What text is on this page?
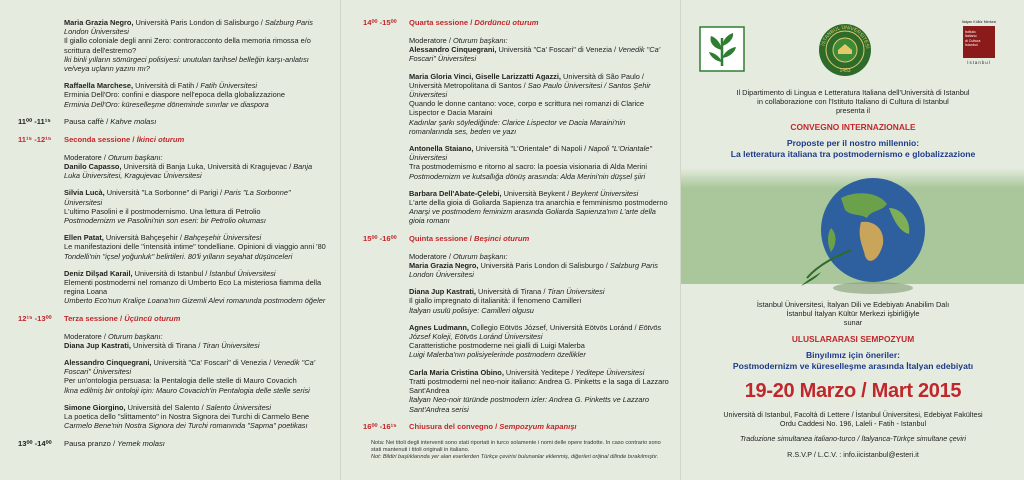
Maria Grazia Negro, Università Paris London di Salisburgo / Salzburg Paris London Üniversitesi
Il giallo coloniale degli anni Zero: controracconto della memoria rimossa e/o scrittura dell'estremo?
İki binli yılların sömürgeci polisiyesi: unutulan tarihsel belleğin karşı-anlatısı ve/veya uçların yazını mı?
Raffaella Marchese, Università di Fatih / Fatih Üniversitesi
Erminia Dell'Oro: confini e diaspore nell'epoca della globalizzazione
Erminia Dell'Oro: küreselleşme döneminde sınırlar ve diaspora
11⁰⁰ -11¹⁵	Pausa caffè / Kahve molası
11¹⁵ -12¹⁵	Seconda sessione / İkinci oturum
Moderatore / Oturum başkanı:
Danilo Capasso, Università di Banja Luka, Università di Kragujevac / Banja Luka Üniversitesi, Kragujevac Üniversitesi
Silvia Lucà, Università "La Sorbonne" di Parigi / Paris "La Sorbonne" Üniversitesi
L'ultimo Pasolini e il postmodernismo. Una lettura di Petrolio
Postmodernizm ve Pasolini'nin son eseri: bir Petrolio okuması
Ellen Patat, Università Bahçeşehir / Bahçeşehir Üniversitesi
Le manifestazioni delle "intensità intime" tondelliane. Opinioni di viaggio anni '80
Tondelli'nin "içsel yoğunluk" belirtileri. 80'li yılların seyahat düşünceleri
Deniz Dilşad Karail, Università di Istanbul / İstanbul Üniversitesi
Elementi postmoderni nel romanzo di Umberto Eco La misteriosa fiamma della regina Loana
Umberto Eco'nun Kraliçe Loana'nın Gizemli Alevi romanında postmodern öğeler
12¹⁵ -13⁰⁰	Terza sessione / Üçüncü oturum
Moderatore / Oturum başkanı:
Diana Jup Kastrati, Università di Tirana / Tiran Üniversitesi
Alessandro Cinquegrani, Università "Ca' Foscari" di Venezia / Venedik "Ca' Foscari" Üniversitesi
Per un'ontologia persuasa: la Pentalogia delle stelle di Mauro Covacich
İkna edilmiş bir ontoloji için: Mauro Covacich'in Pentalogia delle stelle serisi
Simone Giorgino, Università del Salento / Salento Üniversitesi
La poetica dello "slittamento" in Nostra Signora dei Turchi di Carmelo Bene
Carmelo Bene'nin Nostra Signora dei Turchi romanında "Sapma" poetikası
13⁰⁰ -14⁰⁰	Pausa pranzo / Yemek molası
14⁰⁰ -15⁰⁰	Quarta sessione / Dördüncü oturum
Moderatore / Oturum başkanı:
Alessandro Cinquegrani, Università "Ca' Foscari" di Venezia / Venedik "Ca' Foscari" Üniversitesi
Maria Gloria Vinci, Giselle Larizzatti Agazzi, Università di São Paulo / Università Metropolitana di Santos / Sao Paulo Üniversitesi / Santos Şehir Üniversitesi
Quando le donne cantano: voce, corpo e scrittura nei romanzi di Clarice Lispector e Dacia Maraini
Kadınlar şarkı söylediğinde: Clarice Lispector ve Dacia Maraini'nin romanlarında ses, beden ve yazı
Antonella Staiano, Università "L'Orientale" di Napoli / Napoli "L'Oriantale" Üniversitesi
Tra postmodernismo e ritorno al sacro: la poesia visionaria di Alda Merini
Postmodernizm ve kutsallığa dönüş arasında: Alda Merini'nin düşsel şiiri
Barbara Dell'Abate-Çelebi, Università Beykent / Beykent Üniversitesi
L'arte della gioia di Goliarda Sapienza tra anarchia e femminismo postmoderno
Anarşi ve postmodern feminizm arasında Goliarda Sapienza'nın L'arte della gioia romanı
15⁰⁰ -16⁰⁰	Quinta sessione / Beşinci oturum
Moderatore / Oturum başkanı:
Maria Grazia Negro, Università Paris London di Salisburgo / Salzburg Paris London Üniversitesi
Diana Jup Kastrati, Università di Tirana / Tiran Üniversitesi
Il giallo impregnato di italianità: il fenomeno Camilleri
İtalyan usulü polisiye: Camilleri olgusu
Agnes Ludmann, Collegio Eötvös József, Università Eötvös Loránd / Eötvös József Koleji, Eötvös Loránd Üniversitesi
Caratteristiche postmoderne nei gialli di Luigi Malerba
Luigi Malerba'nın polisiyelerinde postmodern özellikler
Carla Maria Cristina Obino, Università Yeditepe / Yeditepe Üniversitesi
Tratti postmoderni nel neo-noir italiano: Andrea G. Pinketts e la saga di Lazzaro Sant'Andrea
İtalyan Neo-noir türünde postmodern izler: Andrea G. Pinketts ve Lazzaro Sant'Andrea serisi
16⁰⁰ -16¹⁵	Chiusura del convegno / Sempozyum kapanışı
Nota: Nei titoli degli interventi sono stati riportati in turco solamente i nomi delle opere tradotte. In caso contrario sono stati mantenuti i titoli originali in italiano.
Not: Bildiri başlıklarında yer alan eserlerden Türkçe çevirisi bulunanlar eklenmiş, diğerleri orijinal dilinde bırakılmıştır.
İSTANBUL ÜNİVERSİTESİ
1453
İtalyan Kültür Merkezi
Istituto
Italiano
di Cultura
Istanbul
İstanbul
Il Dipartimento di Lingua e Letteratura Italiana dell'Università di Istanbul
in collaborazione con l'Istituto Italiano di Cultura di Istanbul
presenta il
CONVEGNO INTERNAZIONALE
Proposte per il nostro millennio:
La letteratura italiana tra postmodernismo e globalizzazione
İstanbul Üniversitesi, İtalyan Dili ve Edebiyatı Anabilim Dalı
İstanbul İtalyan Kültür Merkezi işbirliğiyle
sunar
ULUSLARARASI SEMPOZYUM
Binyılımız için öneriler:
Postmodernizm ve küreselleşme arasında İtalyan edebiyatı
19-20 Marzo / Mart 2015
Università di Istanbul, Facoltà di Lettere / İstanbul Üniversitesi, Edebiyat Fakültesi
Ordu Caddesi No. 196, Laleli - Fatih - Istanbul
Traduzione simultanea italiano-turco / İtalyanca-Türkçe simultane çeviri
R.S.V.P / L.C.V. : info.iicistanbul@esteri.it
